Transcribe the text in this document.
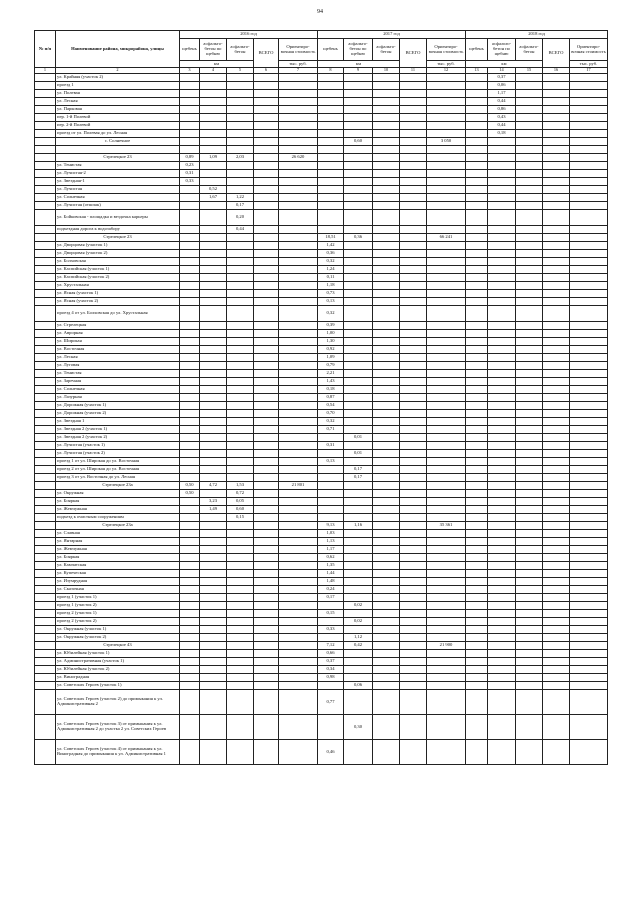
94
№ п/п	Наименование района, микрорайона, улицы	2016 год					2017 год					2018 год				
		щебень	асфальто-бетон по щебню	асфальто-бетон	ВСЕГО	Ориентиро-вочная стоимость	щебень	асфальто-бетон по щебню	асфальто-бетон	ВСЕГО	Ориентиро-вочная стоимость	щебень	асфальто-бетон по щебню	асфальто-бетон	ВСЕГО	Ориентиро-вочная стоимость
		км				тыс. руб.	км				тыс. руб.	км				тыс. руб.
1	2	3	4	5	6	7	8	9	10	11	12	13	14	15	16	17
	ул. Крайняя (участок 2)												0,37			
	проезд 1												0,06			
	ул. Полевая												1,17			
	ул. Лесная												0,44			
	ул. Парковая												0,86			
	пер. 1-й Полевой												0,43			
	пер. 2-й Полевой												0,44			
	проезд от ул. Полевая до ул. Лесная												0,18			
	с. Солнечное							0,60			3 050					

	Стрелецкое 23	0,89	1,09	2,03		26 620										
	ул. Тенистая	0,23														
	ул. Лучистая-2	0,31														
	ул. Звездная-1	0,33														
	ул. Лучистая		0,52													
	ул. Солнечная		1,67	1,22												
	ул. Лучистая (отшпак)			0,17												
	ул. Бойковская - площадка и вездочка карьеры			0,20												
	подъездная дорога к водозабору			0,44												
	Стрелецкое 23						18,51	0,36			66 241					
	ул. Дворцовая (участок 1)						1,42									
	ул. Дворцовая (участок 2)						0,36									
	ул. Болховская						0,32									
	ул. Каспийская (участок 1)						1,24									
	ул. Каспийская (участок 2)						0,11									
	ул. Хрустальная						1,18									
	ул. Ясная (участок 1)						0,73									
	ул. Ясная (участок 2)						0,13									
	проезд 4 от ул. Болховская до ул. Хрустальная						0,32									
	ул. Стрелецкая						0,39									
	ул. Аврорная						1,00									
	ул. Широкая						1,30									
	ул. Восточная						0,92									
	ул. Лесная						1,09									
	ул. Луговая						0,79									
	ул. Тенистая						2,21									
	ул. Заречная						1,43									
	ул. Солнечная						0,18									
	ул. Лазурная						0,87									
	ул. Дорожная (участок 1)						0,54									
	ул. Дорожная (участок 2)						0,70									
	ул. Звездная 1						0,32									
	ул. Звездная 2 (участок 1)						0,71									
	ул. Звездная 2 (участок 2)							0,01								
	ул. Лучистая (участок 1)						0,31									
	ул. Лучистая (участок 2)							0,01								
	проезд 1 от ул. Широкая до ул. Восточная						0,13									
	проезд 2 от ул. Широкая до ул. Восточная							0,17								
	проезд 3 от ул. Восточная до ул. Лесная							0,17								
	Стрелецкое 23а	0,50	4,72	1,53		21 801										
	ул. Окружная	0,50		0,72												
	ул. Бояркая		3,23	0,05												
	ул. Жемчужная		1,49	0,60												
	подъезд к очистным сооружениям			0,15												
	Стрелецкое 23а						9,13	1,16			35 361					
	ул. Славная						1,03									
	ул. Янтарная						1,13									
	ул. Жемчужная						1,17									
	ул. Бояркая						0,62									
	ул. Камчатская						1,35									
	ул. Купеческая						1,44									
	ул. Изумрудная						1,48									
	ул. Сказочная						0,24									
	проезд 1 (участок 1)						0,17									
	проезд 1 (участок 2)							0,02								
	проезд 2 (участок 1)						0,15									
	проезд 2 (участок 2)							0,02								
	ул. Окружная (участок 1)						0,33									
	ул. Окружная (участок 2)							1,12								
	Стрелецкое 43						7,12	0,42			21 900					
	ул. Юбилейная (участок 1)						0,66									
	ул. Административная (участок 1)						0,37									
	ул. Юбилейная (участок 2)						0,34									
	ул. Виноградная						0,98									
	ул. Советских Героев (участок 1)							0,06								
	ул. Советских Героев (участок 2) до примыкания к ул. Административная 2						0,77									
	ул. Советских Героев (участок 3) от примыкания к ул. Административная 2 до участка 2 ул. Советских Героев							0,30								
	ул. Советских Героев (участок 4) от примыкания к ул. Виноградная до примыкания к ул. Административная 1						0,46									
